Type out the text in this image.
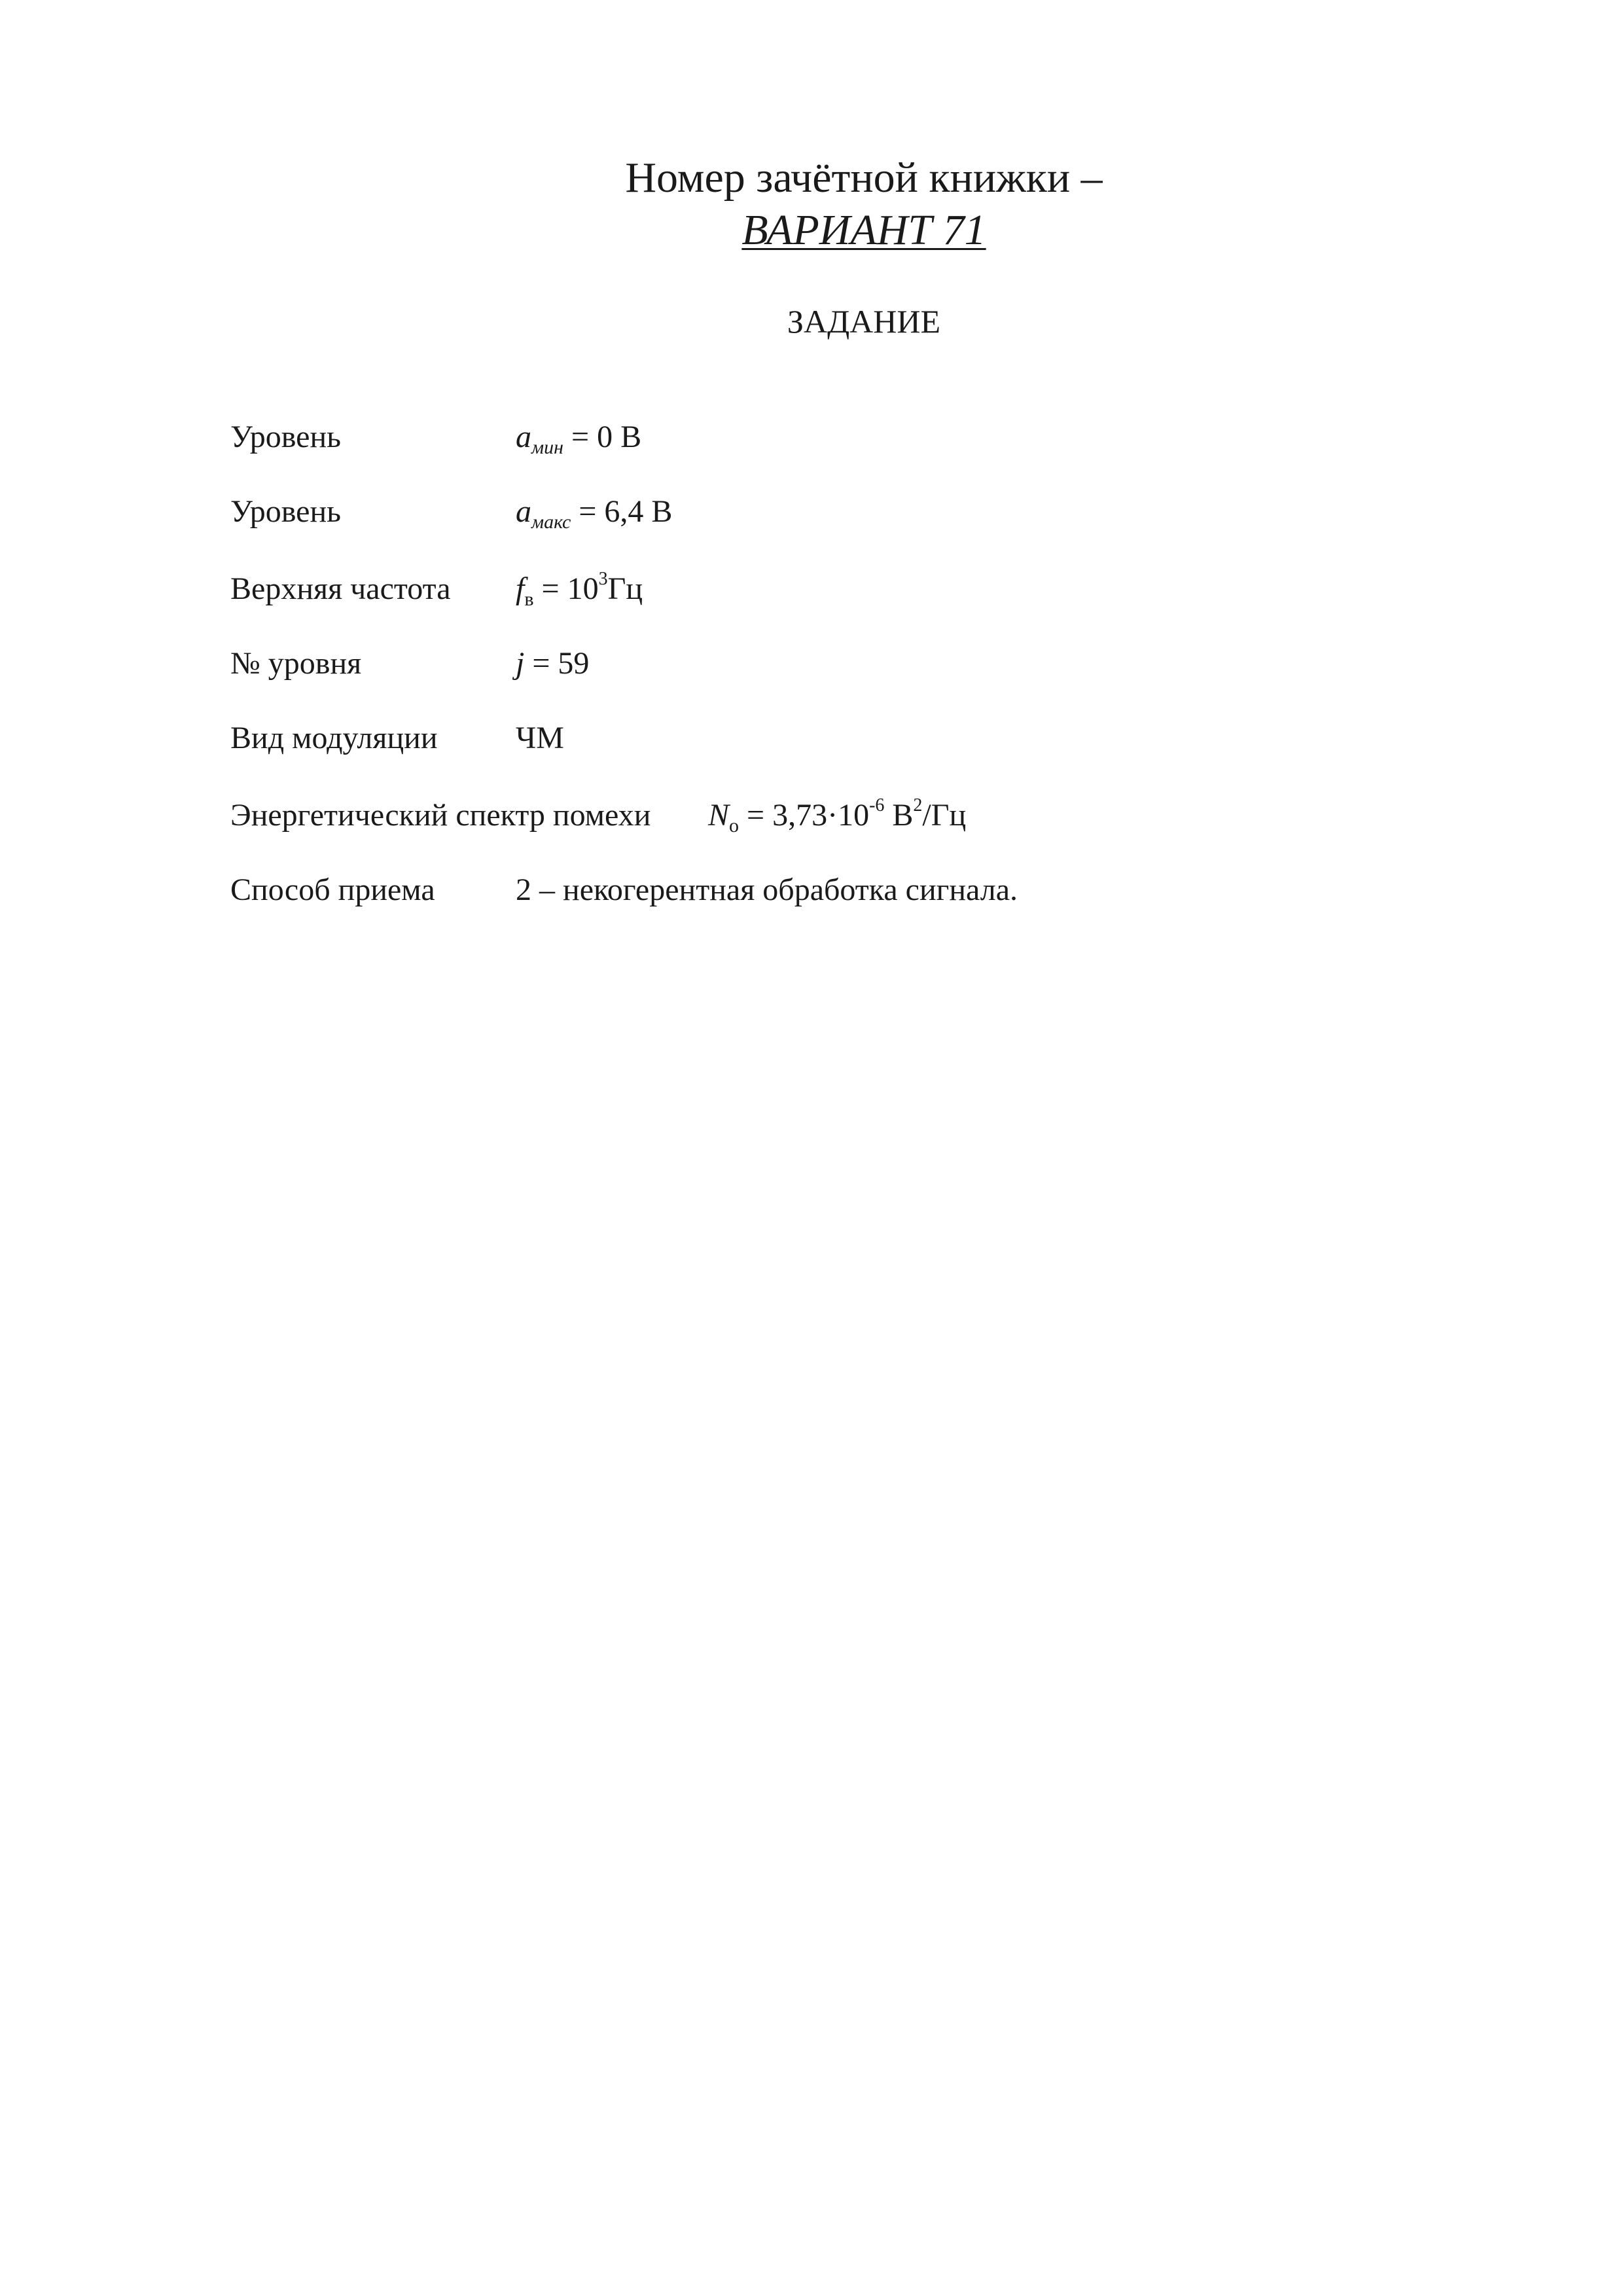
Номер зачётной книжки –
ВАРИАНТ 71
ЗАДАНИЕ
Уровень	$a_{мин} = 0$ В
Уровень	$a_{макс} = 6,4$ В
Верхняя частота $f_в = 10^3Гц$
№ уровня	j = 59
Вид модуляции ЧМ
Энергетический спектр помехи $N_о = 3,73\cdot 10^{-6}$ $В^2/Гц$
Способ приема	2 – некогерентная обработка сигнала.
